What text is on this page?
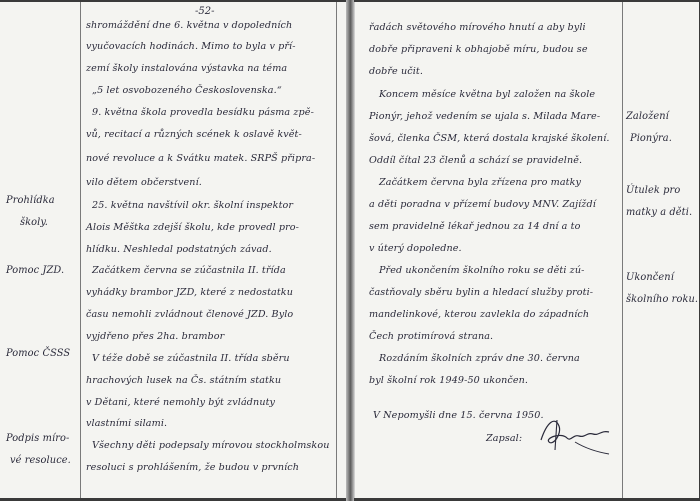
-52-
shromáždění dne 6. května v dopoledních
vyučovacích hodinách. Mimo to byla v pří-
zemí školy instalována výstavka na téma
„5 let osvobozeného Československa.“
9. května škola provedla besídku pásma zpě-
vů, recitací a různých scének k oslavě květ-
nové revoluce a k Svátku matek. SRPŠ připra-
vilo dětem občerstvení.
25. května navštívil okr. školní inspektor
Alois Měštka zdejší školu, kde provedl pro-
hlídku. Neshledal podstatných závad.
Začátkem června se zúčastnila II. třída
vyhádky brambor JZD, které z nedostatku
času nemohli zvládnout členové JZD. Bylo
vyjdřeno přes 2ha. brambor
V téže době se zúčastnila II. třída sběru
hrachových lusek na Čs. státním statku
v Dětani, které nemohly být zvládnuty
vlastními silami.
Všechny děti podepsaly mírovou stockholmskou
resoluci s prohlášením, že budou v prvních
Prohlídka
školy.
Pomoc JZD.
Pomoc ČSSS
Podpis míro-
vé resoluce.
řadách světového mírového hnutí a aby byli
dobře připraveni k obhajobě míru, budou se
dobře učit.
Koncem měsíce května byl založen na škole
Pionýr, jehož vedením se ujala s. Milada Mare-
šová, členka ČSM, která dostala krajské školení.
Oddíl čítal 23 členů a schází se pravidelně.
Začátkem června byla zřízena pro matky
a děti poradna v přízemí budovy MNV. Zajíždí
sem pravidelně lékař jednou za 14 dní a to
v úterý dopoledne.
Před ukončením školního roku se děti zú-
častňovaly sběru bylin a hledací služby proti-
mandelinkové, kterou zavlekla do západních
Čech protimírová strana.
Rozdáním školních zpráv dne 30. června
byl školní rok 1949-50 ukončen.
V Nepomyšli dne 15. června 1950.
Zapsal:
Založení
Pionýra.
Útulek pro
matky a děti.
Ukončení
školního roku.
